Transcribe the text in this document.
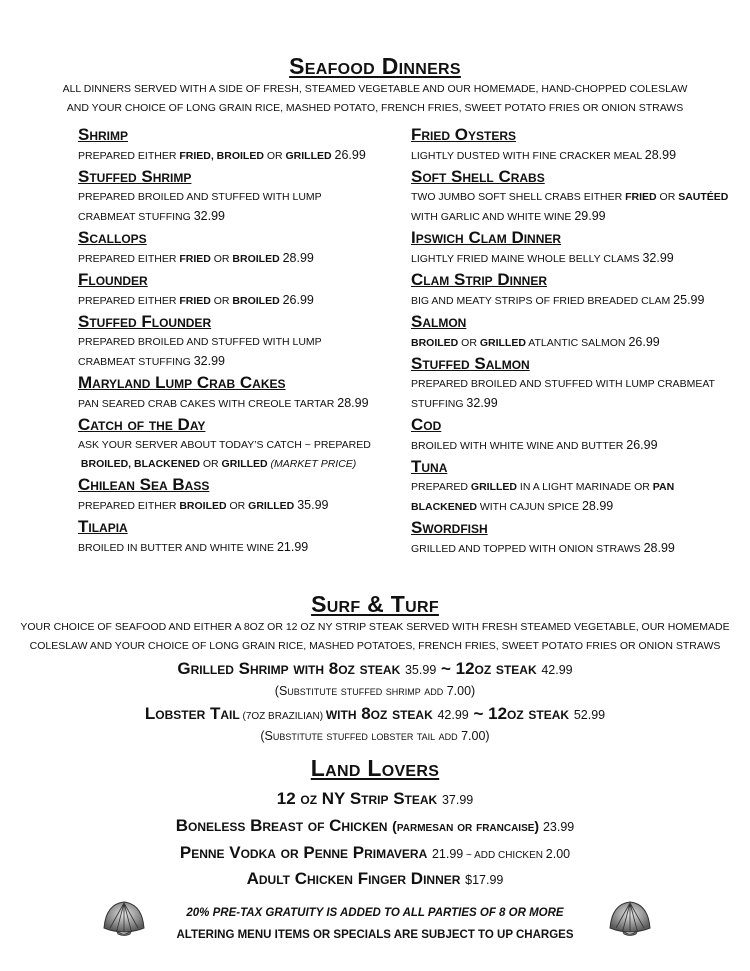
Seafood Dinners
ALL DINNERS SERVED WITH A SIDE OF FRESH, STEAMED VEGETABLE AND OUR HOMEMADE, HAND-CHOPPED COLESLAW
AND YOUR CHOICE OF LONG GRAIN RICE, MASHED POTATO, FRENCH FRIES, SWEET POTATO FRIES OR ONION STRAWS
Shrimp

PREPARED EITHER FRIED, BROILED OR GRILLED 26.99

Stuffed Shrimp

PREPARED BROILED AND STUFFED WITH LUMP
CRABMEAT STUFFING 32.99

Scallops

PREPARED EITHER FRIED OR BROILED 28.99

Flounder

PREPARED EITHER FRIED OR BROILED 26.99

Stuffed Flounder

PREPARED BROILED AND STUFFED WITH LUMP
CRABMEAT STUFFING 32.99

Maryland Lump Crab Cakes

PAN SEARED CRAB CAKES WITH CREOLE TARTAR 28.99

Catch of the Day

ASK YOUR SERVER ABOUT TODAY’S CATCH ~ PREPARED
BROILED, BLACKENED OR GRILLED (MARKET PRICE)

Chilean Sea Bass

PREPARED EITHER BROILED OR GRILLED 35.99

Tilapia

BROILED IN BUTTER AND WHITE WINE 21.99

Fried Oysters

LIGHTLY DUSTED WITH FINE CRACKER MEAL 28.99

Soft Shell Crabs

TWO JUMBO SOFT SHELL CRABS EITHER FRIED OR SAUTÉED
WITH GARLIC AND WHITE WINE 29.99

Ipswich Clam Dinner

LIGHTLY FRIED MAINE WHOLE BELLY CLAMS 32.99

Clam Strip Dinner

BIG AND MEATY STRIPS OF FRIED BREADED CLAM 25.99

Salmon

BROILED OR GRILLED ATLANTIC SALMON 26.99

Stuffed Salmon

PREPARED BROILED AND STUFFED WITH LUMP CRABMEAT
STUFFING 32.99

Cod

BROILED WITH WHITE WINE AND BUTTER 26.99

Tuna

PREPARED GRILLED IN A LIGHT MARINADE OR PAN
BLACKENED WITH CAJUN SPICE 28.99

Swordfish

GRILLED AND TOPPED WITH ONION STRAWS 28.99

Surf & Turf
YOUR CHOICE OF SEAFOOD AND EITHER A 8OZ OR 12 OZ NY STRIP STEAK SERVED WITH FRESH STEAMED VEGETABLE, OUR HOMEMADE
COLESLAW AND YOUR CHOICE OF LONG GRAIN RICE, MASHED POTATOES, FRENCH FRIES, SWEET POTATO FRIES OR ONION STRAWS
Grilled Shrimp with 8oz steak 35.99 ~ 12oz steak 42.99
(Substitute stuffed shrimp add 7.00)
Lobster Tail (7OZ BRAZILIAN) with 8oz steak 42.99 ~ 12oz steak 52.99
(Substitute stuffed lobster tail add 7.00)
Land Lovers
12 oz NY Strip Steak 37.99
Boneless Breast of Chicken (parmesan or francaise) 23.99
Penne Vodka or Penne Primavera 21.99 ~ ADD CHICKEN 2.00
Adult Chicken Finger Dinner $17.99
20% PRE-TAX GRATUITY IS ADDED TO ALL PARTIES OF 8 OR MORE
ALTERING MENU ITEMS OR SPECIALS ARE SUBJECT TO UP CHARGES
